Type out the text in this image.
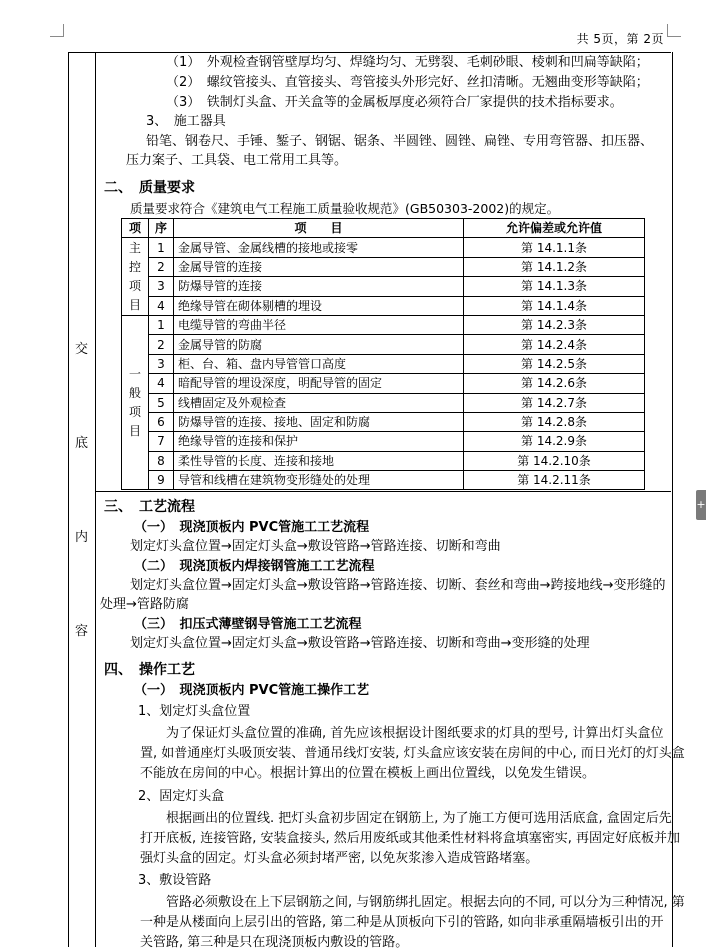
共 5页，第 2页
交
底
内
容
（1）　外观检查钢管壁厚均匀、焊缝均匀、无劈裂、毛刺砂眼、棱刺和凹扁等缺陷；
（2）　螺纹管接头、直管接头、弯管接头外形完好、丝扣清晰。无翘曲变形等缺陷；
（3）　铁制灯头盒、开关盒等的金属板厚度必须符合厂家提供的技术指标要求。
3、　施工器具
铅笔、钢卷尺、手锤、錾子、钢锯、锯条、半圆锉、圆锉、扁锉、专用弯管器、扣压器、
压力案子、工具袋、电工常用工具等。
二、　质量要求
质量要求符合《建筑电气工程施工质量验收规范》(GB50303-2002)的规定。
项	序	项　　目	允许偏差或允许值

主
控
项
目	1	金属导管、金属线槽的接地或接零	第 14.1.1条
	2	金属导管的连接	第 14.1.2条
	3	防爆导管的连接	第 14.1.3条
	4	绝缘导管在砌体剔槽的埋设	第 14.1.4条

一
般
项
目	1	电缆导管的弯曲半径	第 14.2.3条
	2	金属导管的防腐	第 14.2.4条
	3	柜、台、箱、盘内导管管口高度	第 14.2.5条
	4	暗配导管的埋设深度，明配导管的固定	第 14.2.6条
	5	线槽固定及外观检查	第 14.2.7条
	6	防爆导管的连接、接地、固定和防腐	第 14.2.8条
	7	绝缘导管的连接和保护	第 14.2.9条
	8	柔性导管的长度、连接和接地	第 14.2.10条
	9	导管和线槽在建筑物变形缝处的处理	第 14.2.11条
三、　工艺流程
（一）　现浇顶板内 PVC管施工工艺流程
划定灯头盒位置→固定灯头盒→敷设管路→管路连接、切断和弯曲
（二）　现浇顶板内焊接钢管施工工艺流程
划定灯头盒位置→固定灯头盒→敷设管路→管路连接、切断、套丝和弯曲→跨接地线→变形缝的
处理→管路防腐
（三）　扣压式薄壁钢导管施工工艺流程
划定灯头盒位置→固定灯头盒→敷设管路→管路连接、切断和弯曲→变形缝的处理
四、　操作工艺
（一）　现浇顶板内 PVC管施工操作工艺
1、划定灯头盒位置
为了保证灯头盒位置的准确, 首先应该根据设计图纸要求的灯具的型号, 计算出灯头盒位
置, 如普通座灯头吸顶安装、普通吊线灯安装, 灯头盒应该安装在房间的中心, 而日光灯的灯头盒
不能放在房间的中心。根据计算出的位置在模板上画出位置线，以免发生错误。
2、固定灯头盒
根据画出的位置线. 把灯头盒初步固定在钢筋上, 为了施工方便可选用活底盒, 盒固定后先
打开底板, 连接管路, 安装盒接头, 然后用废纸或其他柔性材料将盒填塞密实, 再固定好底板并加
强灯头盒的固定。灯头盒必须封堵严密, 以免灰浆渗入造成管路堵塞。
3、敷设管路
管路必须敷设在上下层钢筋之间, 与钢筋绑扎固定。根据去向的不同, 可以分为三种情况, 第
一种是从楼面向上层引出的管路, 第二种是从顶板向下引的管路, 如向非承重隔墙板引出的开
关管路, 第三种是只在现浇顶板内敷设的管路。
+
